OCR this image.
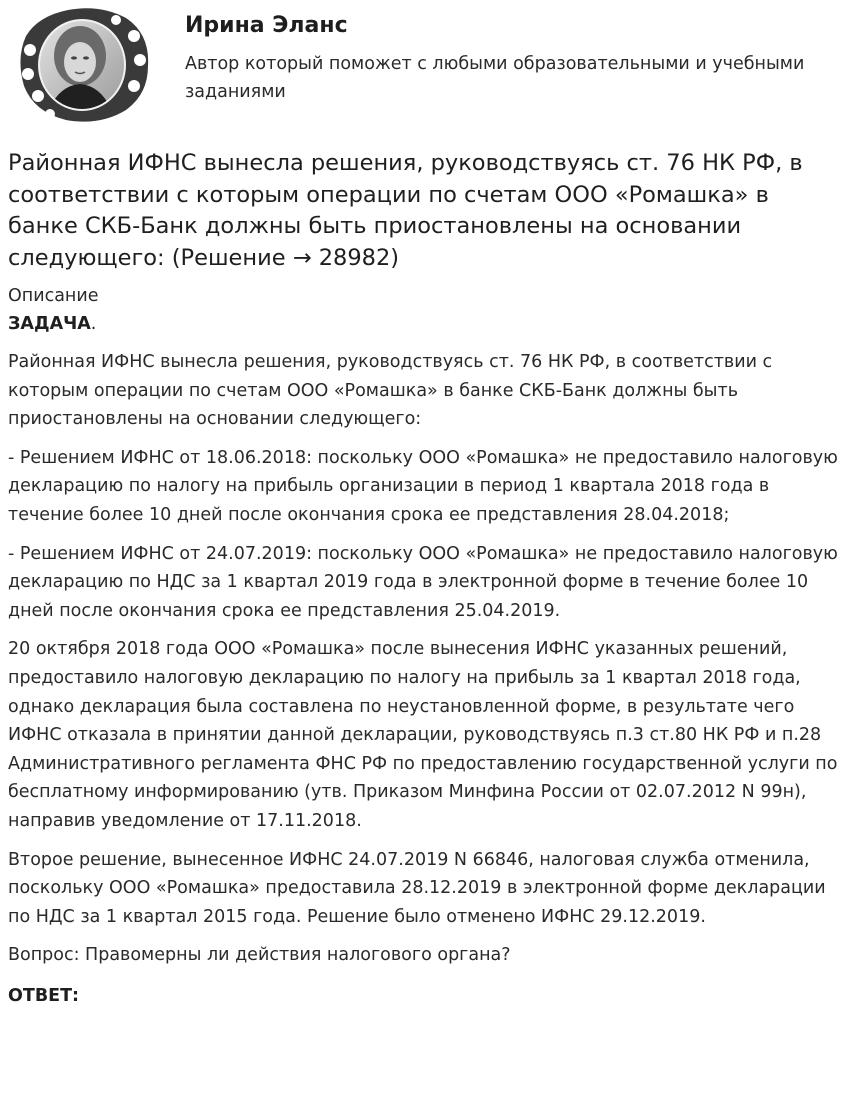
Ирина Эланс

Автор который поможет с любыми образовательными и учебными заданиями

Районная ИФНС вынесла решения, руководствуясь ст. 76 НК РФ, в соответствии с которым операции по счетам ООО «Ромашка» в банке СКБ-Банк должны быть приостановлены на основании следующего: (Решение → 28982)

Описание

ЗАДАЧА.

Районная ИФНС вынесла решения, руководствуясь ст. 76 НК РФ, в соответствии с которым операции по счетам ООО «Ромашка» в банке СКБ-Банк должны быть приостановлены на основании следующего:

- Решением ИФНС от 18.06.2018: поскольку ООО «Ромашка» не предоставило налоговую декларацию по налогу на прибыль организации в период 1 квартала 2018 года в течение более 10 дней после окончания срока ее представления 28.04.2018;

- Решением ИФНС от 24.07.2019: поскольку ООО «Ромашка» не предоставило налоговую декларацию по НДС за 1 квартал 2019 года в электронной форме в течение более 10 дней после окончания срока ее представления 25.04.2019.

20 октября 2018 года ООО «Ромашка» после вынесения ИФНС указанных решений, предоставило налоговую декларацию по налогу на прибыль за 1 квартал 2018 года, однако декларация была составлена по неустановленной форме, в результате чего ИФНС отказала в принятии данной декларации, руководствуясь п.3 ст.80 НК РФ и п.28 Административного регламента ФНС РФ по предоставлению государственной услуги по бесплатному информированию (утв. Приказом Минфина России от 02.07.2012 N 99н), направив уведомление от 17.11.2018.

Второе решение, вынесенное ИФНС 24.07.2019 N 66846, налоговая служба отменила, поскольку ООО «Ромашка» предоставила 28.12.2019 в электронной форме декларации по НДС за 1 квартал 2015 года. Решение было отменено ИФНС 29.12.2019.

Вопрос: Правомерны ли действия налогового органа?

ОТВЕТ:
